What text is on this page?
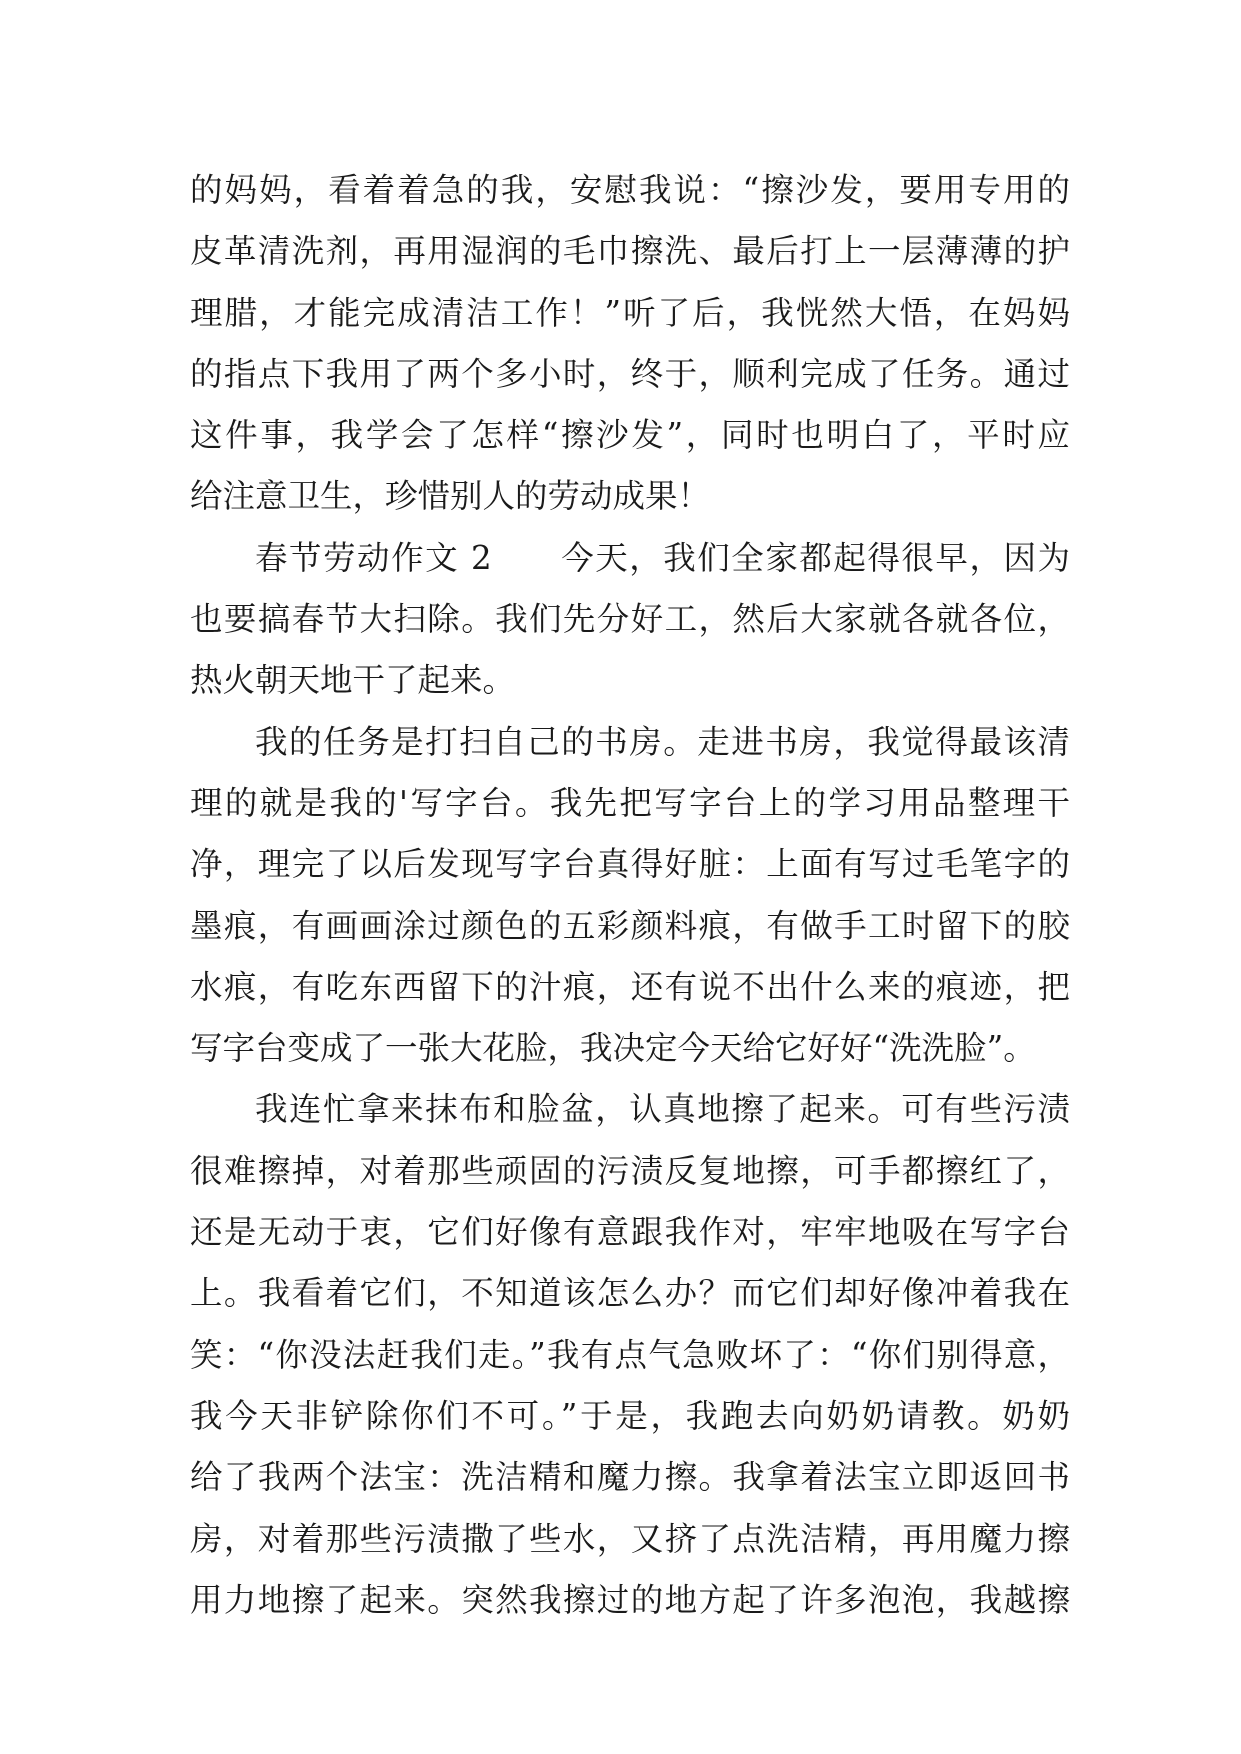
的妈妈，看着着急的我，安慰我说：“擦沙发，要用专用的
皮革清洗剂，再用湿润的毛巾擦洗、最后打上一层薄薄的护
理腊，才能完成清洁工作！”听了后，我恍然大悟，在妈妈
的指点下我用了两个多小时，终于，顺利完成了任务。通过
这件事，我学会了怎样“擦沙发”，同时也明白了，平时应
给注意卫生，珍惜别人的劳动成果！
春节劳动作文 2　　今天，我们全家都起得很早，因为
也要搞春节大扫除。我们先分好工，然后大家就各就各位，
热火朝天地干了起来。
我的任务是打扫自己的书房。走进书房，我觉得最该清
理的就是我的'写字台。我先把写字台上的学习用品整理干
净，理完了以后发现写字台真得好脏：上面有写过毛笔字的
墨痕，有画画涂过颜色的五彩颜料痕，有做手工时留下的胶
水痕，有吃东西留下的汁痕，还有说不出什么来的痕迹，把
写字台变成了一张大花脸，我决定今天给它好好“洗洗脸”。
我连忙拿来抹布和脸盆，认真地擦了起来。可有些污渍
很难擦掉，对着那些顽固的污渍反复地擦，可手都擦红了，
还是无动于衷，它们好像有意跟我作对，牢牢地吸在写字台
上。我看着它们，不知道该怎么办？而它们却好像冲着我在
笑：“你没法赶我们走。”我有点气急败坏了：“你们别得意，
我今天非铲除你们不可。”于是，我跑去向奶奶请教。奶奶
给了我两个法宝：洗洁精和魔力擦。我拿着法宝立即返回书
房，对着那些污渍撒了些水，又挤了点洗洁精，再用魔力擦
用力地擦了起来。突然我擦过的地方起了许多泡泡，我越擦
